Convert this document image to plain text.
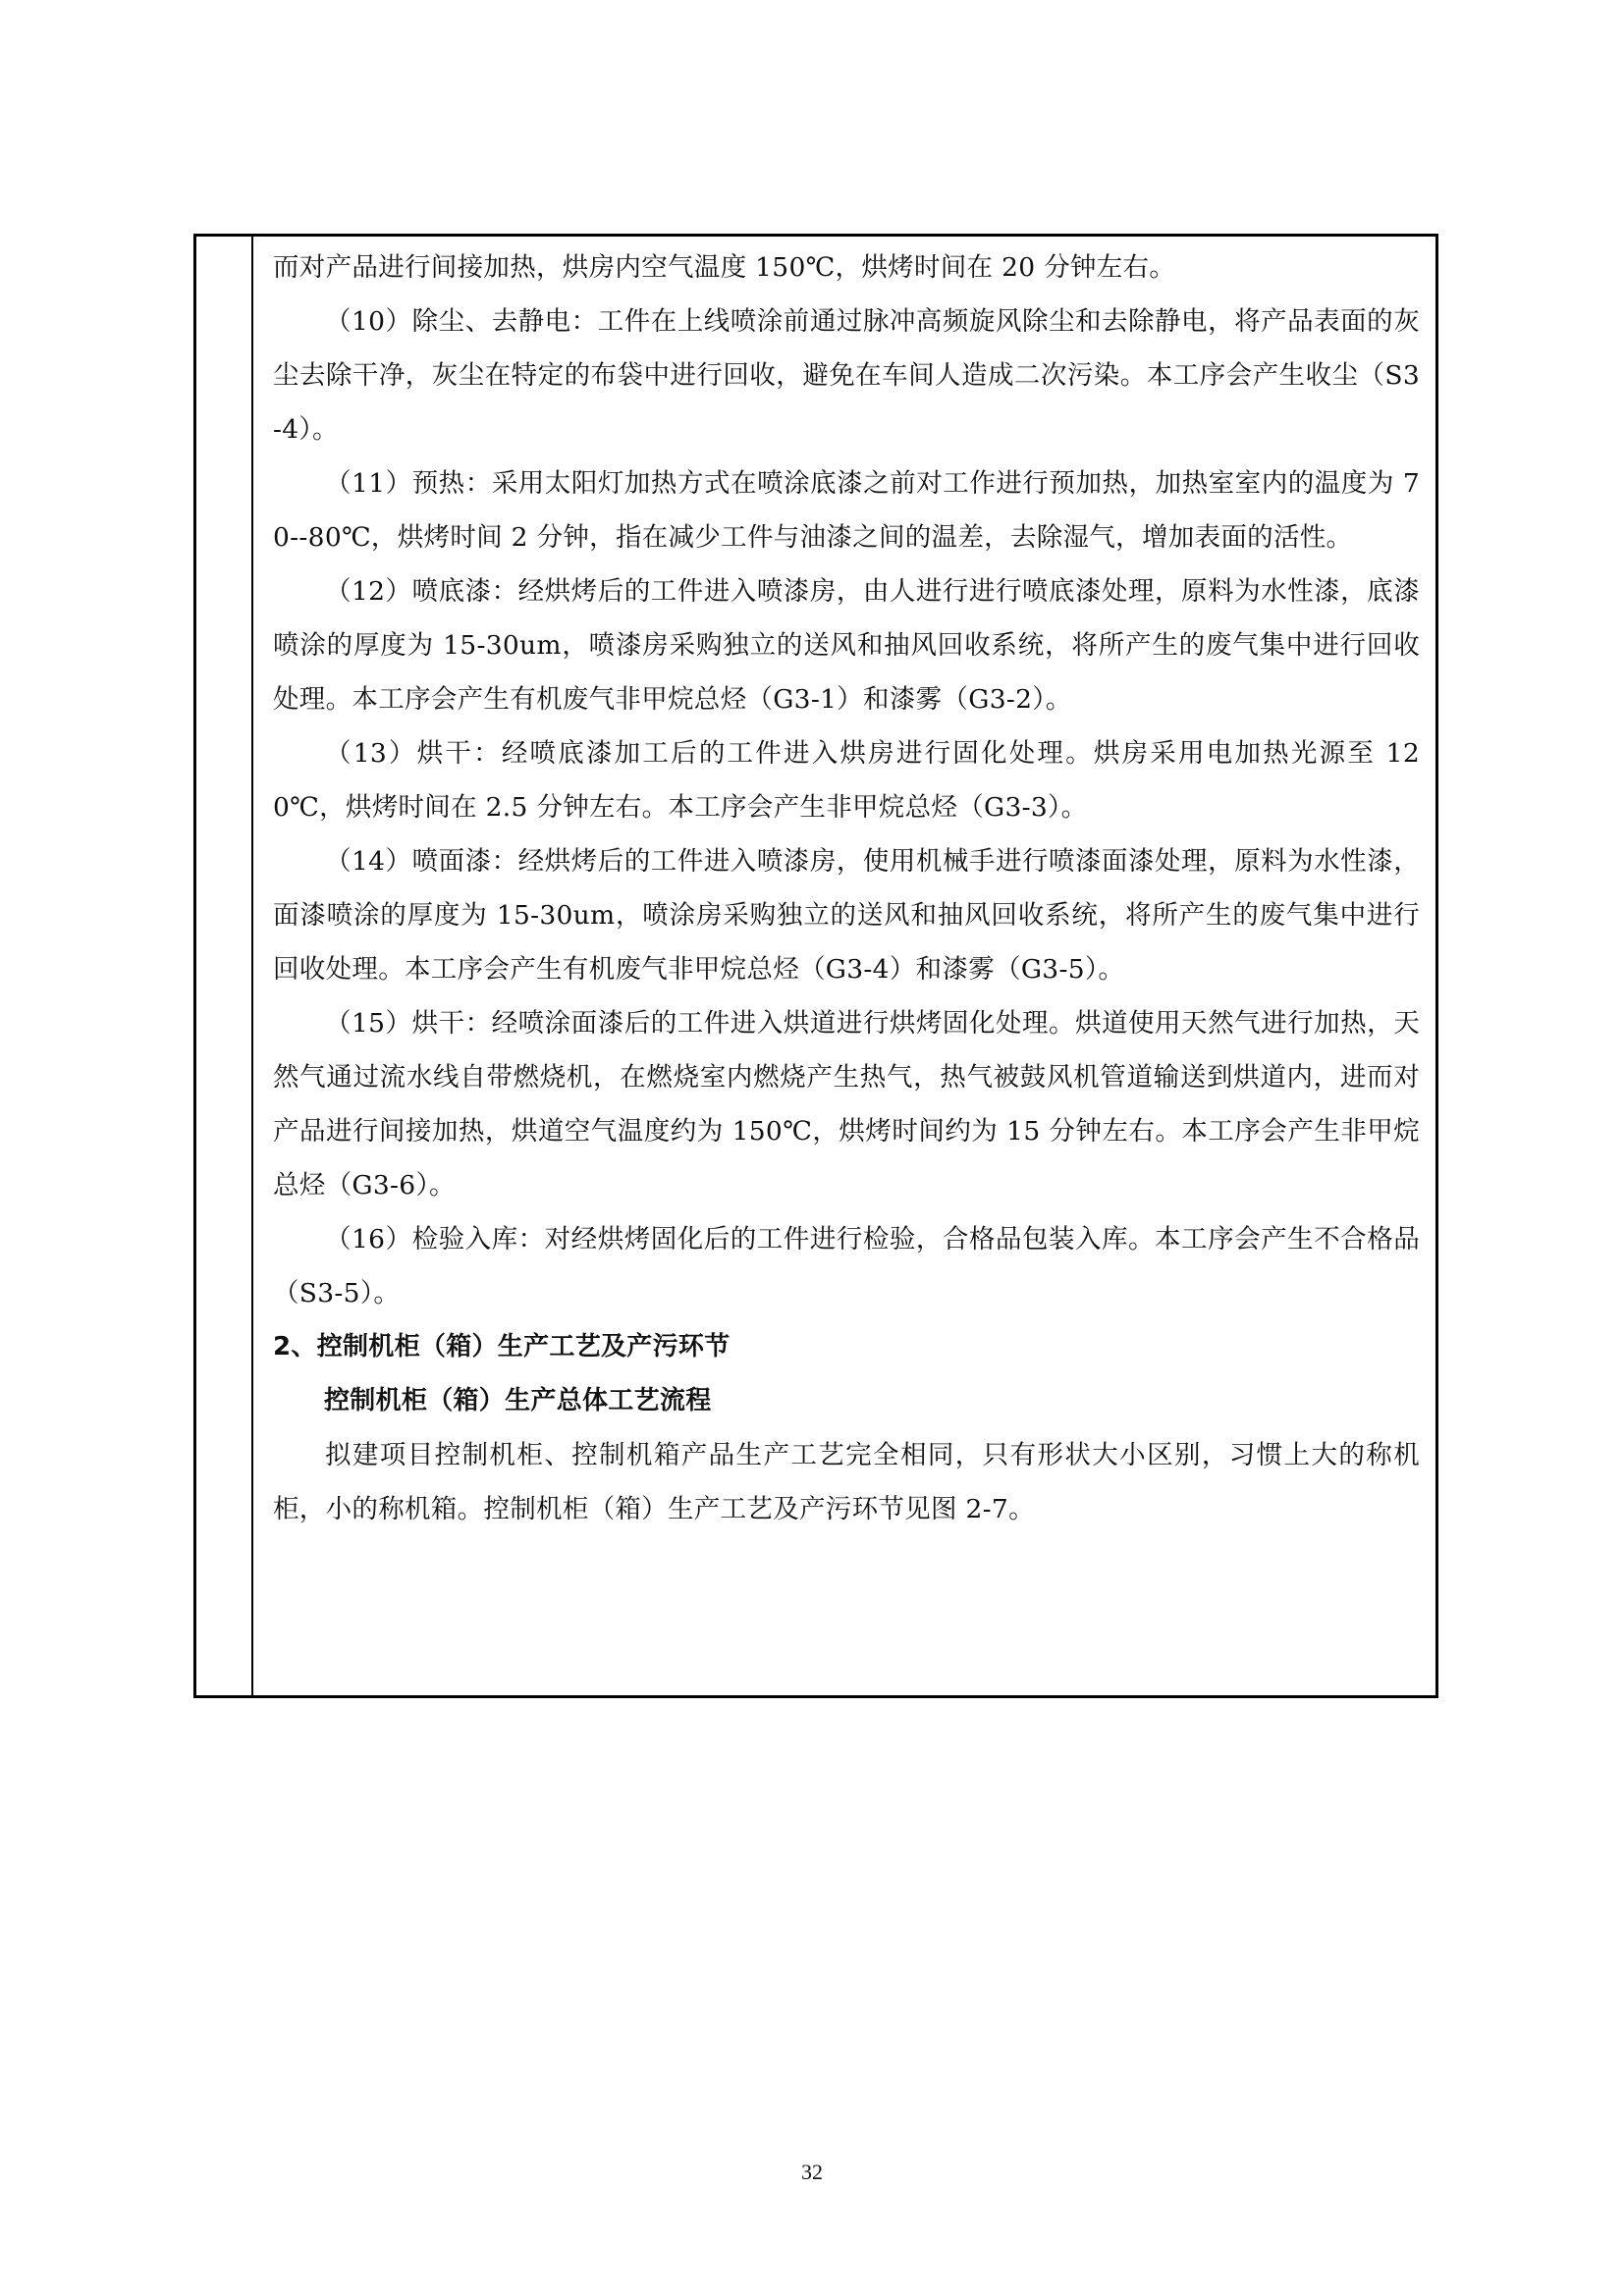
而对产品进行间接加热，烘房内空气温度 150℃，烘烤时间在 20 分钟左右。

（10）除尘、去静电：工件在上线喷涂前通过脉冲高频旋风除尘和去除静电，将产品表面的灰尘去除干净，灰尘在特定的布袋中进行回收，避免在车间人造成二次污染。本工序会产生收尘（S3-4）。

（11）预热：采用太阳灯加热方式在喷涂底漆之前对工作进行预加热，加热室室内的温度为 70--80℃，烘烤时间 2 分钟，指在减少工件与油漆之间的温差，去除湿气，增加表面的活性。

（12）喷底漆：经烘烤后的工件进入喷漆房，由人进行进行喷底漆处理，原料为水性漆，底漆喷涂的厚度为 15-30um，喷漆房采购独立的送风和抽风回收系统，将所产生的废气集中进行回收处理。本工序会产生有机废气非甲烷总烃（G3-1）和漆雾（G3-2）。

（13）烘干：经喷底漆加工后的工件进入烘房进行固化处理。烘房采用电加热光源至 120℃，烘烤时间在 2.5 分钟左右。本工序会产生非甲烷总烃（G3-3）。

（14）喷面漆：经烘烤后的工件进入喷漆房，使用机械手进行喷漆面漆处理，原料为水性漆，面漆喷涂的厚度为 15-30um，喷涂房采购独立的送风和抽风回收系统，将所产生的废气集中进行回收处理。本工序会产生有机废气非甲烷总烃（G3-4）和漆雾（G3-5）。

（15）烘干：经喷涂面漆后的工件进入烘道进行烘烤固化处理。烘道使用天然气进行加热，天然气通过流水线自带燃烧机，在燃烧室内燃烧产生热气，热气被鼓风机管道输送到烘道内，进而对产品进行间接加热，烘道空气温度约为 150℃，烘烤时间约为 15 分钟左右。本工序会产生非甲烷总烃（G3-6）。

（16）检验入库：对经烘烤固化后的工件进行检验，合格品包装入库。本工序会产生不合格品（S3-5）。

2、控制机柜（箱）生产工艺及产污环节

控制机柜（箱）生产总体工艺流程

拟建项目控制机柜、控制机箱产品生产工艺完全相同，只有形状大小区别，习惯上大的称机柜，小的称机箱。控制机柜（箱）生产工艺及产污环节见图 2-7。

32
